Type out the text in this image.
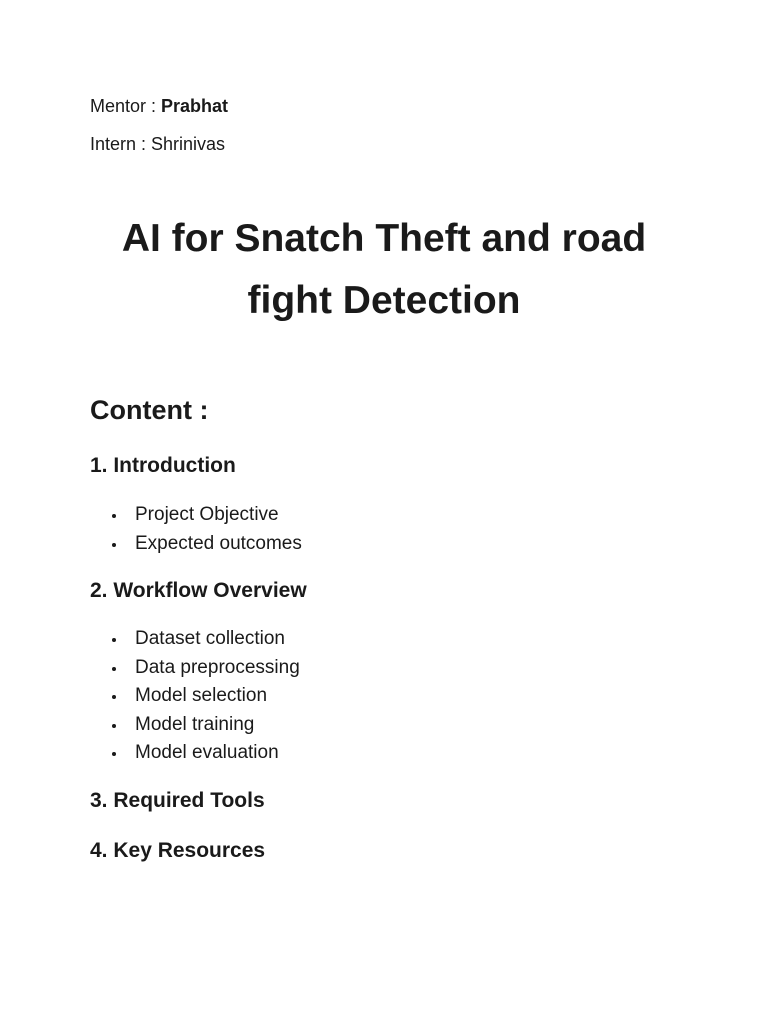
Mentor : Prabhat
Intern : Shrinivas
AI for Snatch Theft and road fight Detection
Content :
1. Introduction
Project Objective
Expected outcomes
2. Workflow Overview
Dataset collection
Data preprocessing
Model selection
Model training
Model evaluation
3. Required Tools
4. Key Resources
